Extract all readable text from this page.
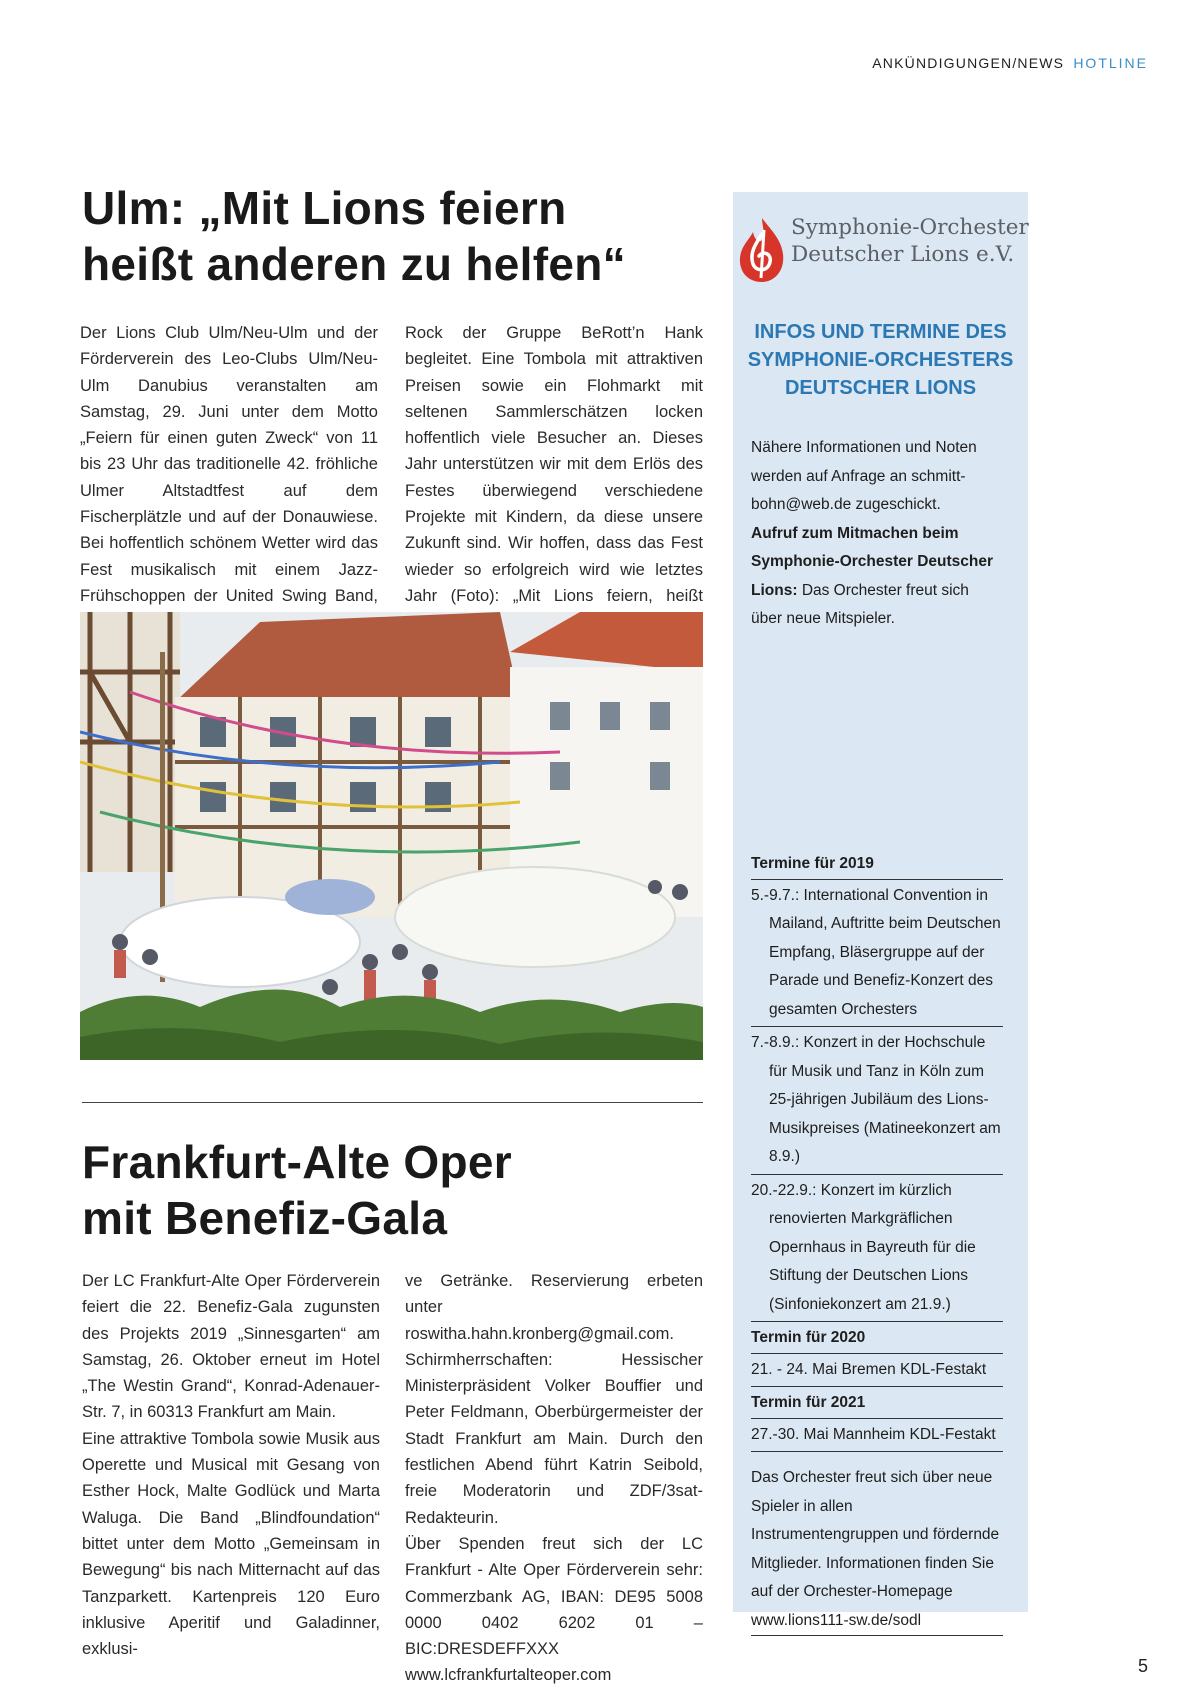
ANKÜNDIGUNGEN/NEWS HOTLINE
Ulm: „Mit Lions feiern
heißt anderen zu helfen“

Der Lions Club Ulm/Neu-Ulm und der Förderverein des Leo-Clubs Ulm/Neu-Ulm Danubius veranstalten am Samstag, 29. Juni unter dem Motto „Feiern für einen guten Zweck“ von 11 bis 23 Uhr das traditionelle 42. fröhliche Ulmer Altstadtfest auf dem Fischerplätzle und auf der Donauwiese. Bei hoffentlich schönem Wetter wird das Fest musikalisch mit einem Jazz-Frühschoppen der United Swing Band,

Rock der Gruppe BeRott’n Hank begleitet. Eine Tombola mit attraktiven Preisen sowie ein Flohmarkt mit seltenen Sammlerschätzen locken hoffentlich viele Besucher an. Dieses Jahr unterstützen wir mit dem Erlös des Festes überwiegend verschiedene Projekte mit Kindern, da diese unsere Zukunft sind. Wir hoffen, dass das Fest wieder so erfolgreich wird wie letztes Jahr (Foto): „Mit Lions feiern, heißt

Frankfurt-Alte Oper
mit Benefiz-Gala

Der LC Frankfurt-Alte Oper Förderverein feiert die 22. Benefiz-Gala zugunsten des Projekts 2019 „Sinnesgarten“ am Samstag, 26. Oktober erneut im Hotel „The Westin Grand“, Konrad-Adenauer-Str. 7, in 60313 Frankfurt am Main.

Eine attraktive Tombola sowie Musik aus Operette und Musical mit Gesang von Esther Hock, Malte Godlück und Marta Waluga. Die Band „Blindfoundation“ bittet unter dem Motto „Gemeinsam in Bewegung“ bis nach Mitternacht auf das Tanzparkett. Kartenpreis 120 Euro inklusive Aperitif und Galadinner, exklusi-

ve Getränke. Reservierung erbeten unter roswitha.hahn.kronberg@gmail.com.

Schirmherrschaften: Hessischer Ministerpräsident Volker Bouffier und Peter Feldmann, Oberbürgermeister der Stadt Frankfurt am Main. Durch den festlichen Abend führt Katrin Seibold, freie Moderatorin und ZDF/3sat-Redakteurin.

Über Spenden freut sich der LC Frankfurt - Alte Oper Förderverein sehr: Commerzbank AG, IBAN: DE95 5008 0000 0402 6202 01 – BIC:DRESDEFFXXX

www.lcfrankfurtalteoper.com

Symphonie-Orchester
Deutscher Lions e.V.
INFOS UND TERMINE DES
SYMPHONIE-ORCHESTERS
DEUTSCHER LIONS

Nähere Informationen und Noten werden auf Anfrage an schmitt-bohn@web.de zugeschickt.

Aufruf zum Mitmachen beim Symphonie-Orchester Deutscher Lions: Das Orchester freut sich über neue Mitspieler.

Termine für 2019
5.-9.7.: International Convention in Mailand, Auftritte beim Deutschen Empfang, Bläsergruppe auf der Parade und Benefiz-Konzert des gesamten Orchesters
7.-8.9.: Konzert in der Hochschule für Musik und Tanz in Köln zum 25-jährigen Jubiläum des Lions-Musikpreises (Matineekonzert am 8.9.)
20.-22.9.: Konzert im kürzlich renovierten Markgräflichen Opernhaus in Bayreuth für die Stiftung der Deutschen Lions (Sinfoniekonzert am 21.9.)
Termin für 2020
21. - 24. Mai Bremen KDL-Festakt
Termin für 2021
27.-30. Mai Mannheim KDL-Festakt

Das Orchester freut sich über neue Spieler in allen Instrumentengruppen und fördernde Mitglieder. Informationen finden Sie auf der Orchester-Homepage

www.lions111-sw.de/sodl

5
